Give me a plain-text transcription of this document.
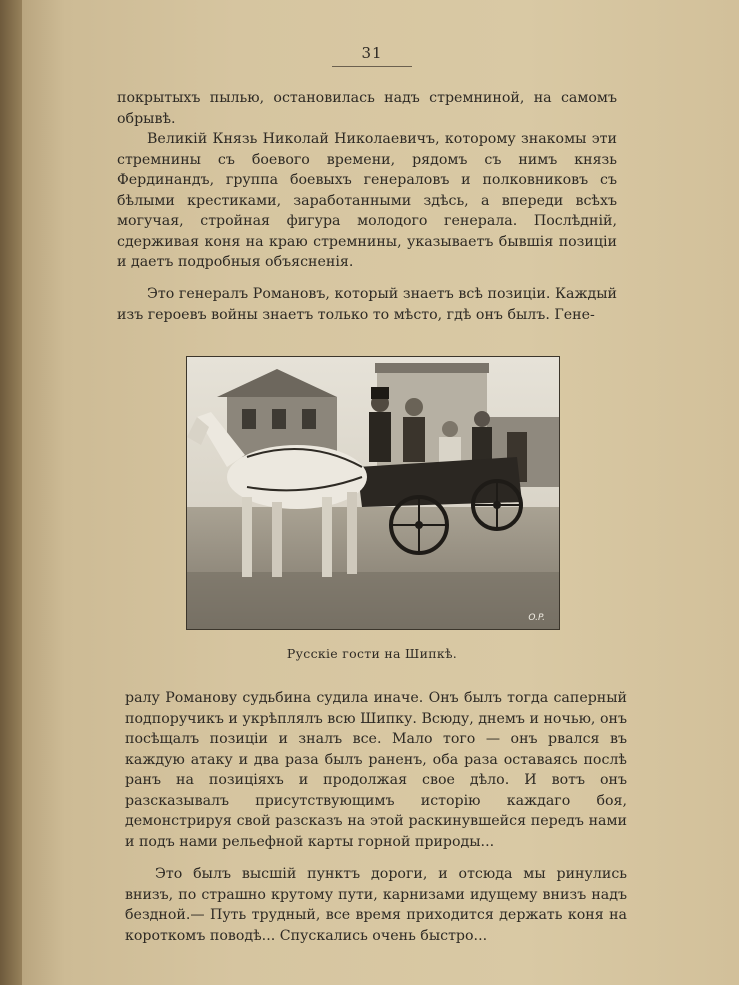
31

покрытыхъ пылью, остановилась надъ стремниной, на самомъ обрывѣ.

Великій Князь Николай Николаевичъ, которому знакомы эти стремнины съ боевого времени, рядомъ съ нимъ князь Фердинандъ, группа боевыхъ генераловъ и полковниковъ съ бѣлыми крестиками, заработанными здѣсь, а впереди всѣхъ могучая, стройная фигура молодого генерала. Послѣдній, сдерживая коня на краю стремнины, указываетъ бывшія позиціи и даетъ подробныя объясненія.

Это генералъ Романовъ, который знаетъ всѣ позиціи. Каждый изъ героевъ войны знаетъ только то мѣсто, гдѣ онъ былъ. Гене-

O.P.
Русскіе гости на Шипкѣ.

ралу Романову судьбина судила иначе. Онъ былъ тогда саперный подпоручикъ и укрѣплялъ всю Шипку. Всюду, днемъ и ночью, онъ посѣщалъ позиціи и зналъ все. Мало того — онъ рвался въ каждую атаку и два раза былъ раненъ, оба раза оставаясь послѣ ранъ на позиціяхъ и продолжая свое дѣло. И вотъ онъ разсказывалъ присутствующимъ исторію каждаго боя, демонстрируя свой разсказъ на этой раскинувшейся передъ нами и подъ нами рельефной карты горной природы...

Это былъ высшій пунктъ дороги, и отсюда мы ринулись внизъ, по страшно крутому пути, карнизами идущему внизъ надъ бездной.— Путь трудный, все время приходится держать коня на короткомъ поводѣ... Спускались очень быстро...
